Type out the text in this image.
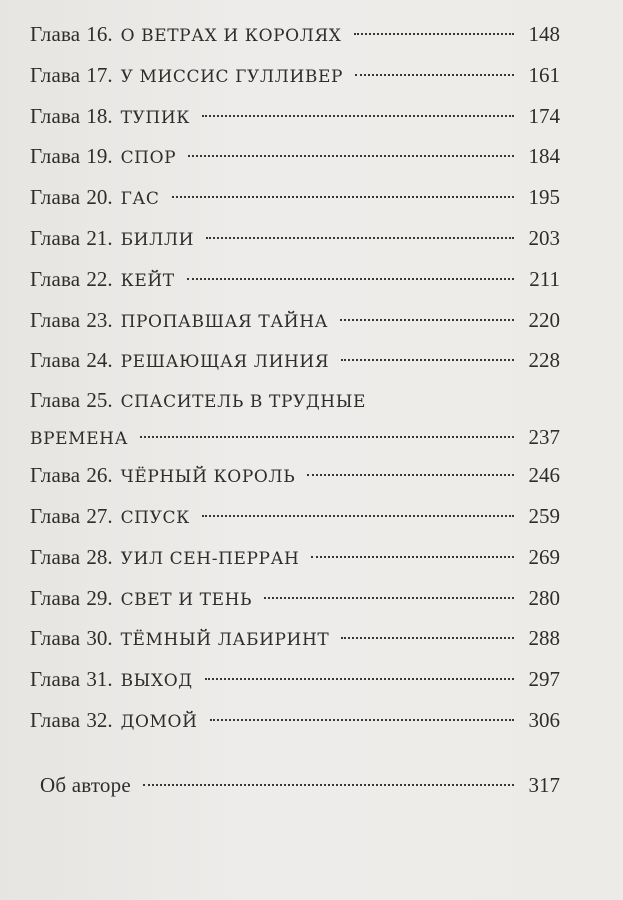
Глава 16. О ВЕТРАХ И КОРОЛЯХ	148
Глава 17. У МИССИС ГУЛЛИВЕР	161
Глава 18. ТУПИК	174
Глава 19. СПОР	184
Глава 20. ГАС	195
Глава 21. БИЛЛИ	203
Глава 22. КЕЙТ	211
Глава 23. ПРОПАВШАЯ ТАЙНА	220
Глава 24. РЕШАЮЩАЯ ЛИНИЯ	228
Глава 25. СПАСИТЕЛЬ В ТРУДНЫЕ
ВРЕМЕНА	237
Глава 26. ЧЁРНЫЙ КОРОЛЬ	246
Глава 27. СПУСК	259
Глава 28. УИЛ СЕН-ПЕРРАН	269
Глава 29. СВЕТ И ТЕНЬ	280
Глава 30. ТЁМНЫЙ ЛАБИРИНТ	288
Глава 31. ВЫХОД	297
Глава 32. ДОМОЙ	306
Об авторе	317
